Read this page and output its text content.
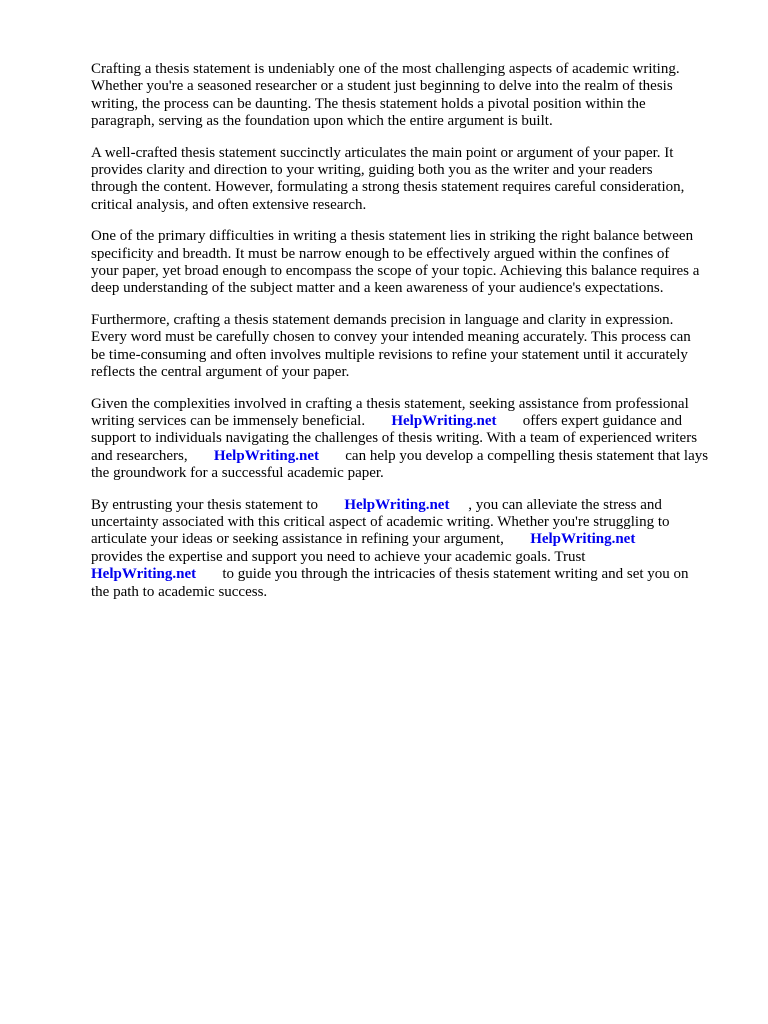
Crafting a thesis statement is undeniably one of the most challenging aspects of academic writing.
Whether you're a seasoned researcher or a student just beginning to delve into the realm of thesis
writing, the process can be daunting. The thesis statement holds a pivotal position within the
paragraph, serving as the foundation upon which the entire argument is built.

A well-crafted thesis statement succinctly articulates the main point or argument of your paper. It
provides clarity and direction to your writing, guiding both you as the writer and your readers
through the content. However, formulating a strong thesis statement requires careful consideration,
critical analysis, and often extensive research.

One of the primary difficulties in writing a thesis statement lies in striking the right balance between
specificity and breadth. It must be narrow enough to be effectively argued within the confines of
your paper, yet broad enough to encompass the scope of your topic. Achieving this balance requires a
deep understanding of the subject matter and a keen awareness of your audience's expectations.

Furthermore, crafting a thesis statement demands precision in language and clarity in expression.
Every word must be carefully chosen to convey your intended meaning accurately. This process can
be time-consuming and often involves multiple revisions to refine your statement until it accurately
reflects the central argument of your paper.

Given the complexities involved in crafting a thesis statement, seeking assistance from professional
writing services can be immensely beneficial. HelpWriting.net offers expert guidance and
support to individuals navigating the challenges of thesis writing. With a team of experienced writers
and researchers, HelpWriting.net can help you develop a compelling thesis statement that lays
the groundwork for a successful academic paper.

By entrusting your thesis statement to HelpWriting.net , you can alleviate the stress and
uncertainty associated with this critical aspect of academic writing. Whether you're struggling to
articulate your ideas or seeking assistance in refining your argument, HelpWriting.net
provides the expertise and support you need to achieve your academic goals. Trust
HelpWriting.net to guide you through the intricacies of thesis statement writing and set you on
the path to academic success.
